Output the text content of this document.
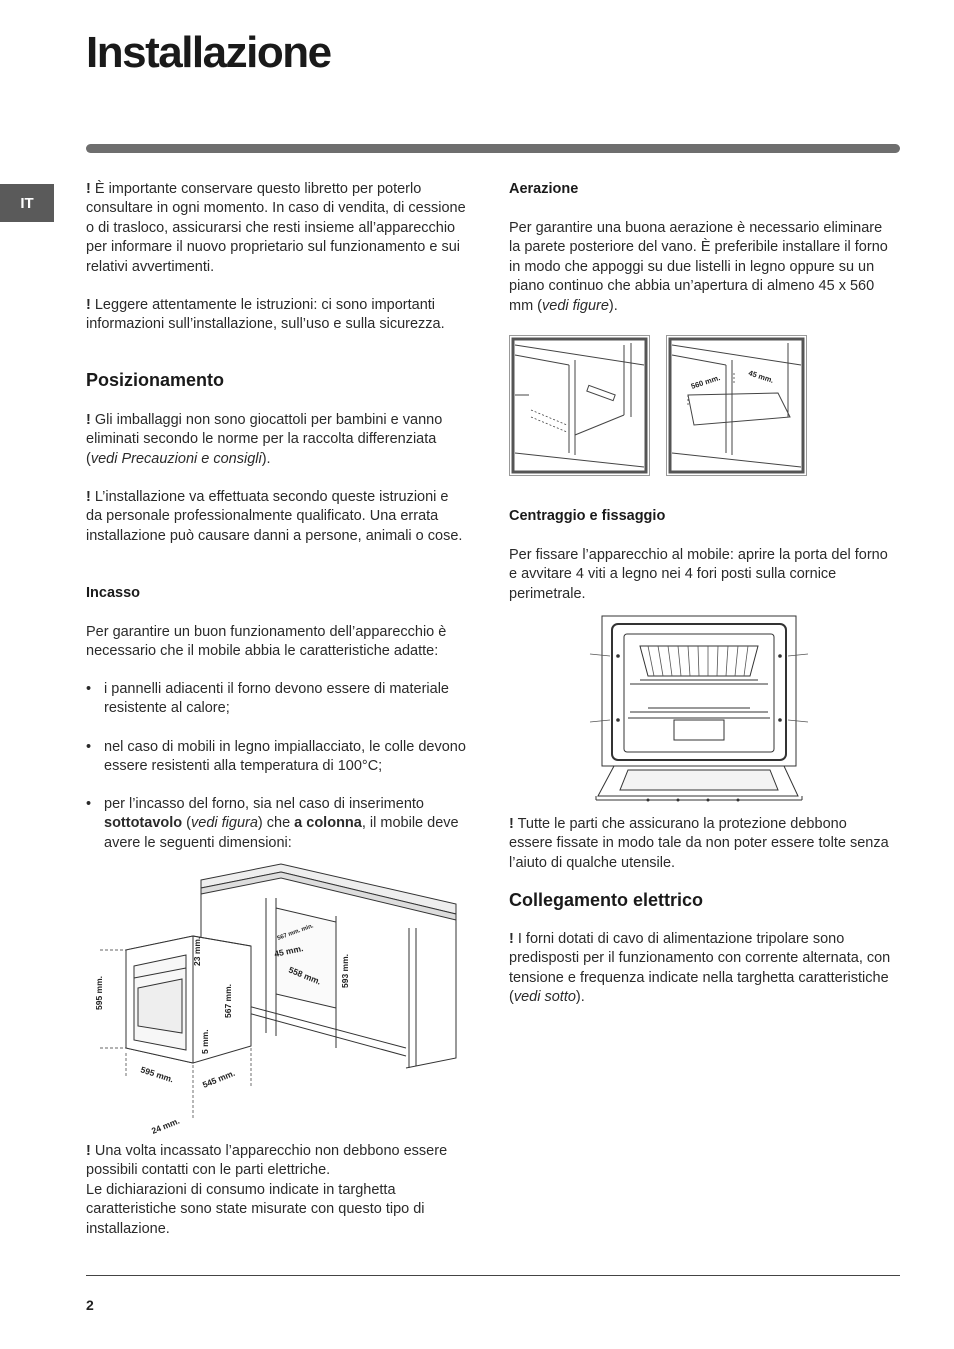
Installazione
IT

! È importante conservare questo libretto per poterlo consultare in ogni momento. In caso di vendita, di cessione o di trasloco, assicurarsi che resti insieme all’apparecchio per informare il nuovo proprietario sul funzionamento e sui relativi avvertimenti.

! Leggere attentamente le istruzioni: ci sono importanti informazioni sull’installazione, sull’uso e sulla sicurezza.

Posizionamento

! Gli imballaggi non sono giocattoli per bambini e vanno eliminati secondo le norme per la raccolta differenziata (vedi Precauzioni e consigli).

! L’installazione va effettuata secondo queste istruzioni e da personale professionalmente qualificato. Una errata installazione può causare danni a persone, animali o cose.

Incasso

Per garantire un buon funzionamento dell’apparecchio è necessario che il mobile abbia le caratteristiche adatte:

• i pannelli adiacenti il forno devono essere di materiale resistente al calore;
• nel caso di mobili in legno impiallacciato, le colle devono essere resistenti alla temperatura di 100°C;
• per l’incasso del forno, sia nel caso di inserimento sottotavolo (vedi figura) che a colonna, il mobile deve avere le seguenti dimensioni:
595 mm.
23 mm.
567 mm.
5 mm.
595 mm.	545 mm.
24 mm.
45 mm.
567 mm. min.
558 mm. 593 mm.

! Una volta incassato l’apparecchio non debbono essere possibili contatti con le parti elettriche.

Le dichiarazioni di consumo indicate in targhetta caratteristiche sono state misurate con questo tipo di installazione.

Aerazione

Per garantire una buona aerazione è necessario eliminare la parete posteriore del vano. È preferibile installare il forno in modo che appoggi su due listelli in legno oppure su un piano continuo che abbia un’apertura di almeno 45 x 560 mm (vedi figure).

560 mm.	45 mm.
Centraggio e fissaggio

Per fissare l’apparecchio al mobile: aprire la porta del forno e avvitare 4 viti a legno nei 4 fori posti sulla cornice perimetrale.

! Tutte le parti che assicurano la protezione debbono essere fissate in modo tale da non poter essere tolte senza l’aiuto di qualche utensile.

Collegamento elettrico

! I forni dotati di cavo di alimentazione tripolare sono predisposti per il funzionamento con corrente alternata, con tensione e frequenza indicate nella targhetta caratteristiche (vedi sotto).

2
